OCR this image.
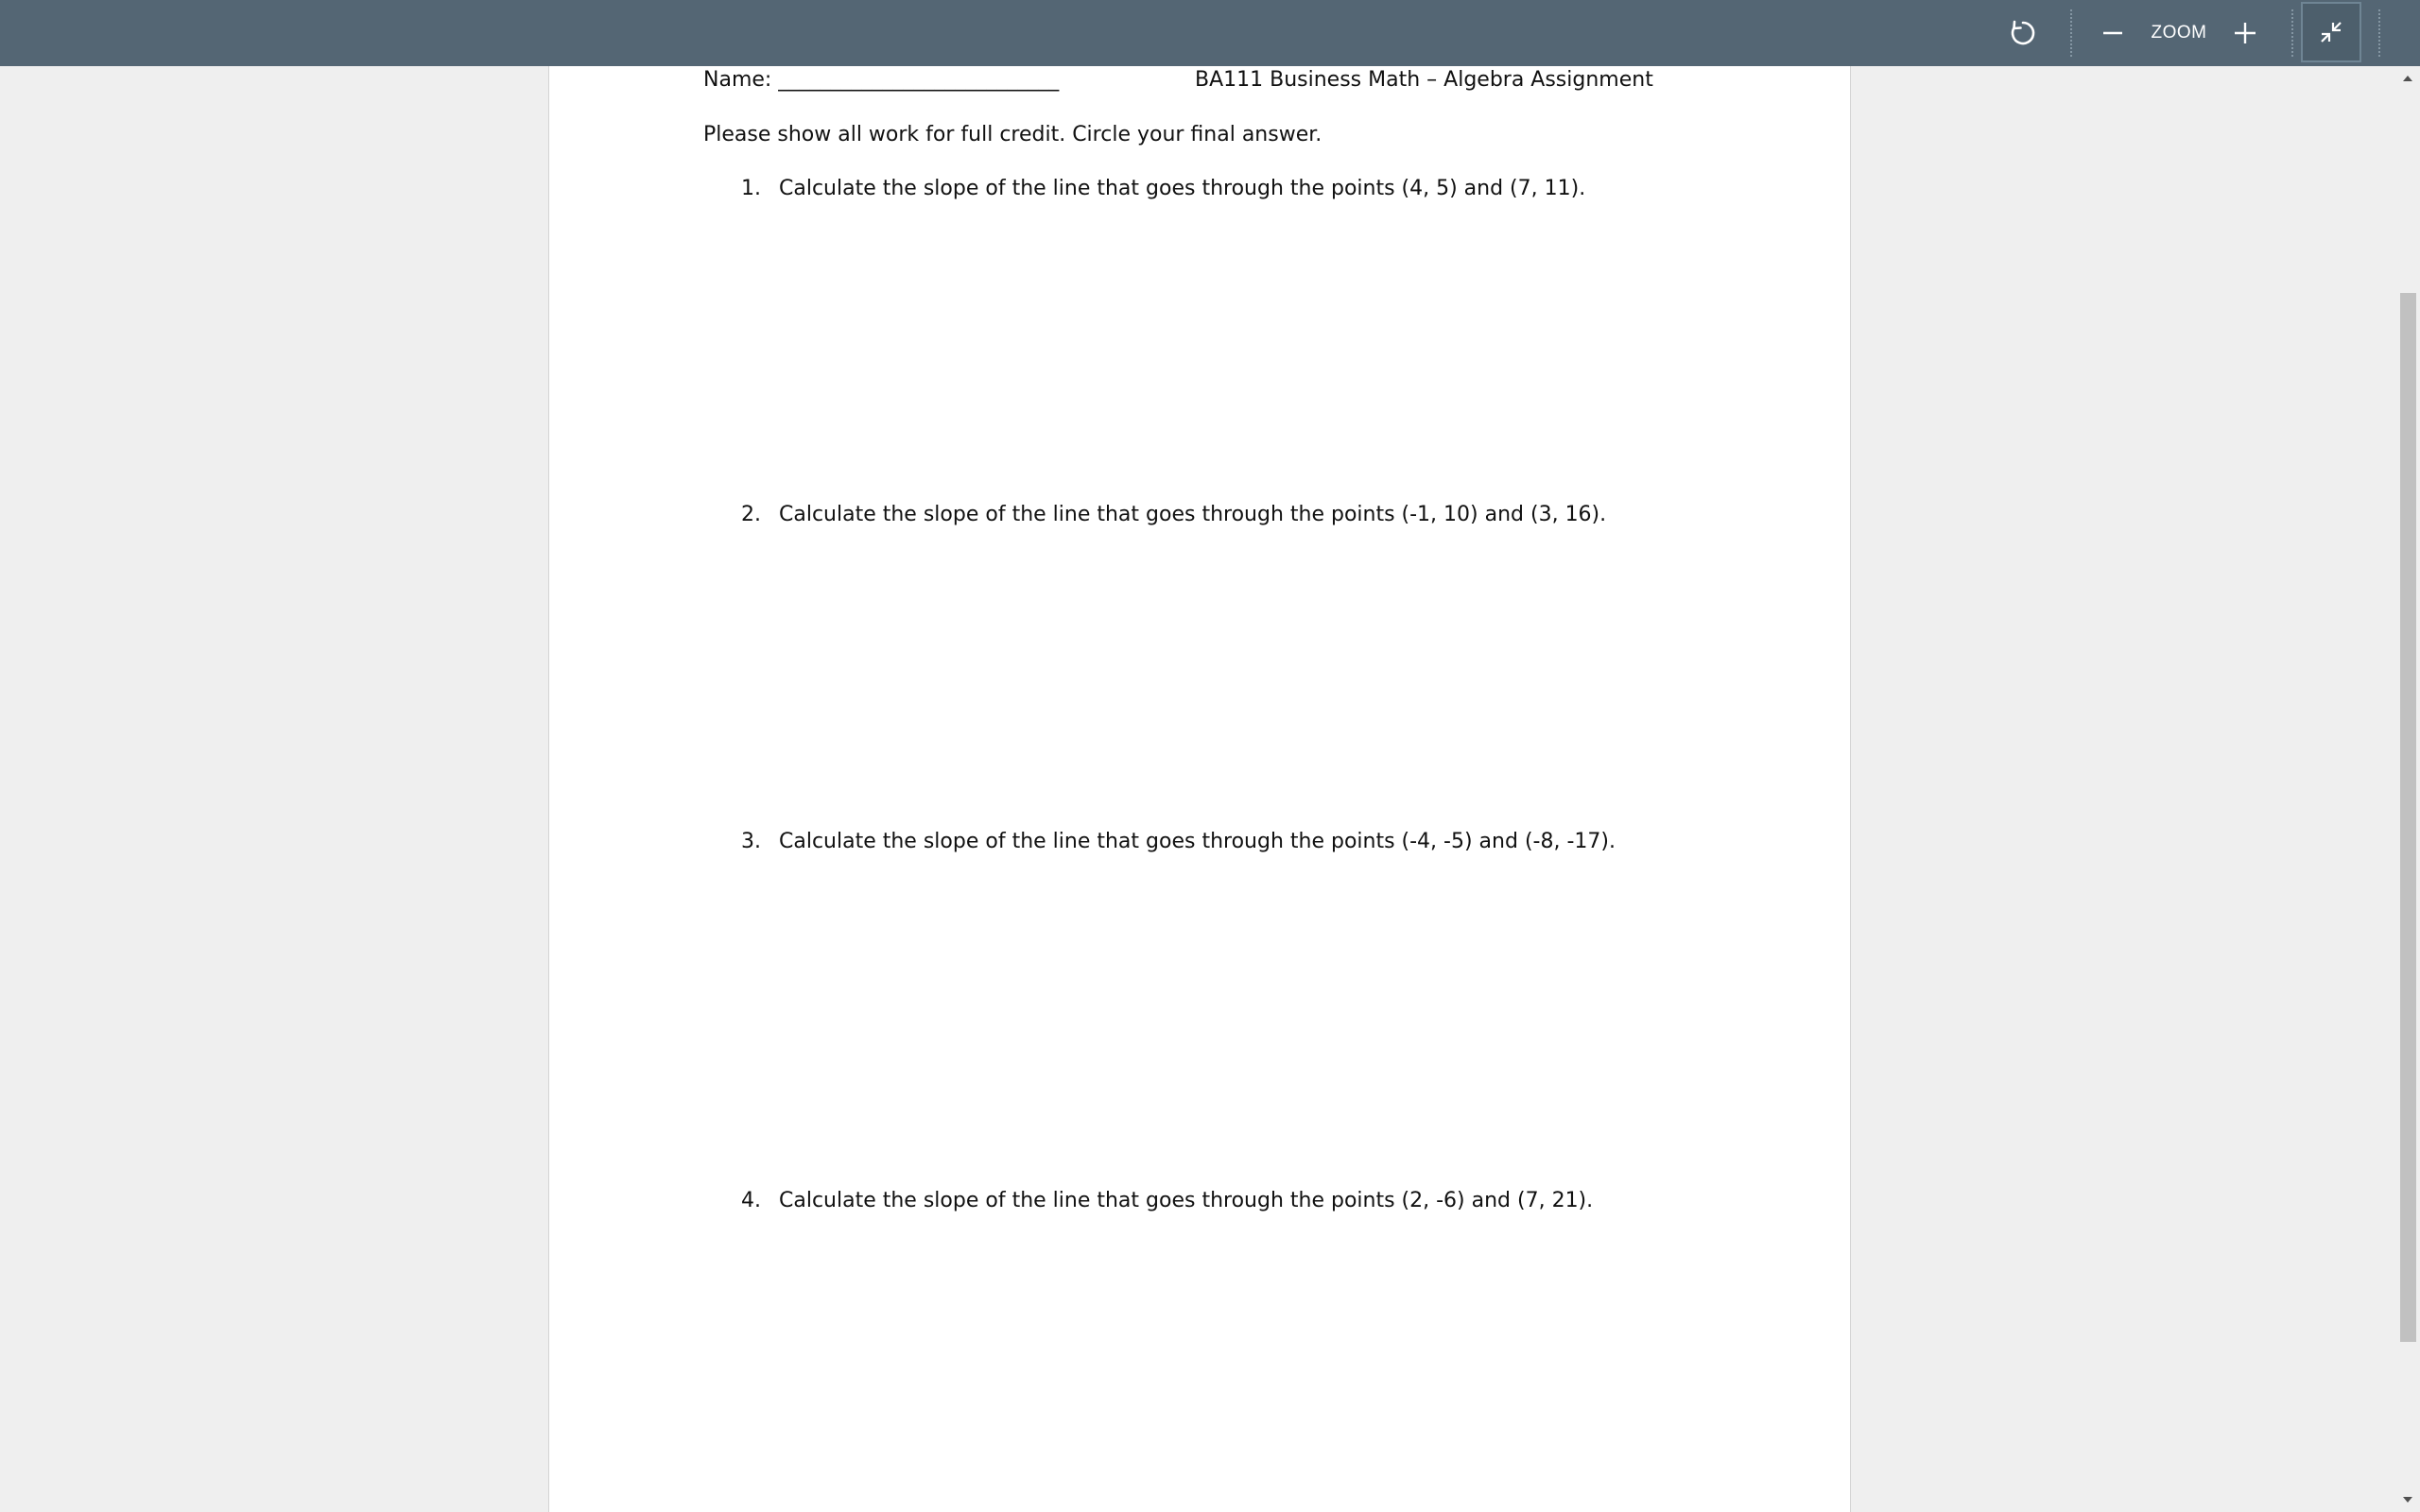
ZOOM
Name: ___________________________	BA111 Business Math – Algebra Assignment
Please show all work for full credit. Circle your final answer.
1. Calculate the slope of the line that goes through the points (4, 5) and (7, 11).
2. Calculate the slope of the line that goes through the points (-1, 10) and (3, 16).
3. Calculate the slope of the line that goes through the points (-4, -5) and (-8, -17).
4. Calculate the slope of the line that goes through the points (2, -6) and (7, 21).
